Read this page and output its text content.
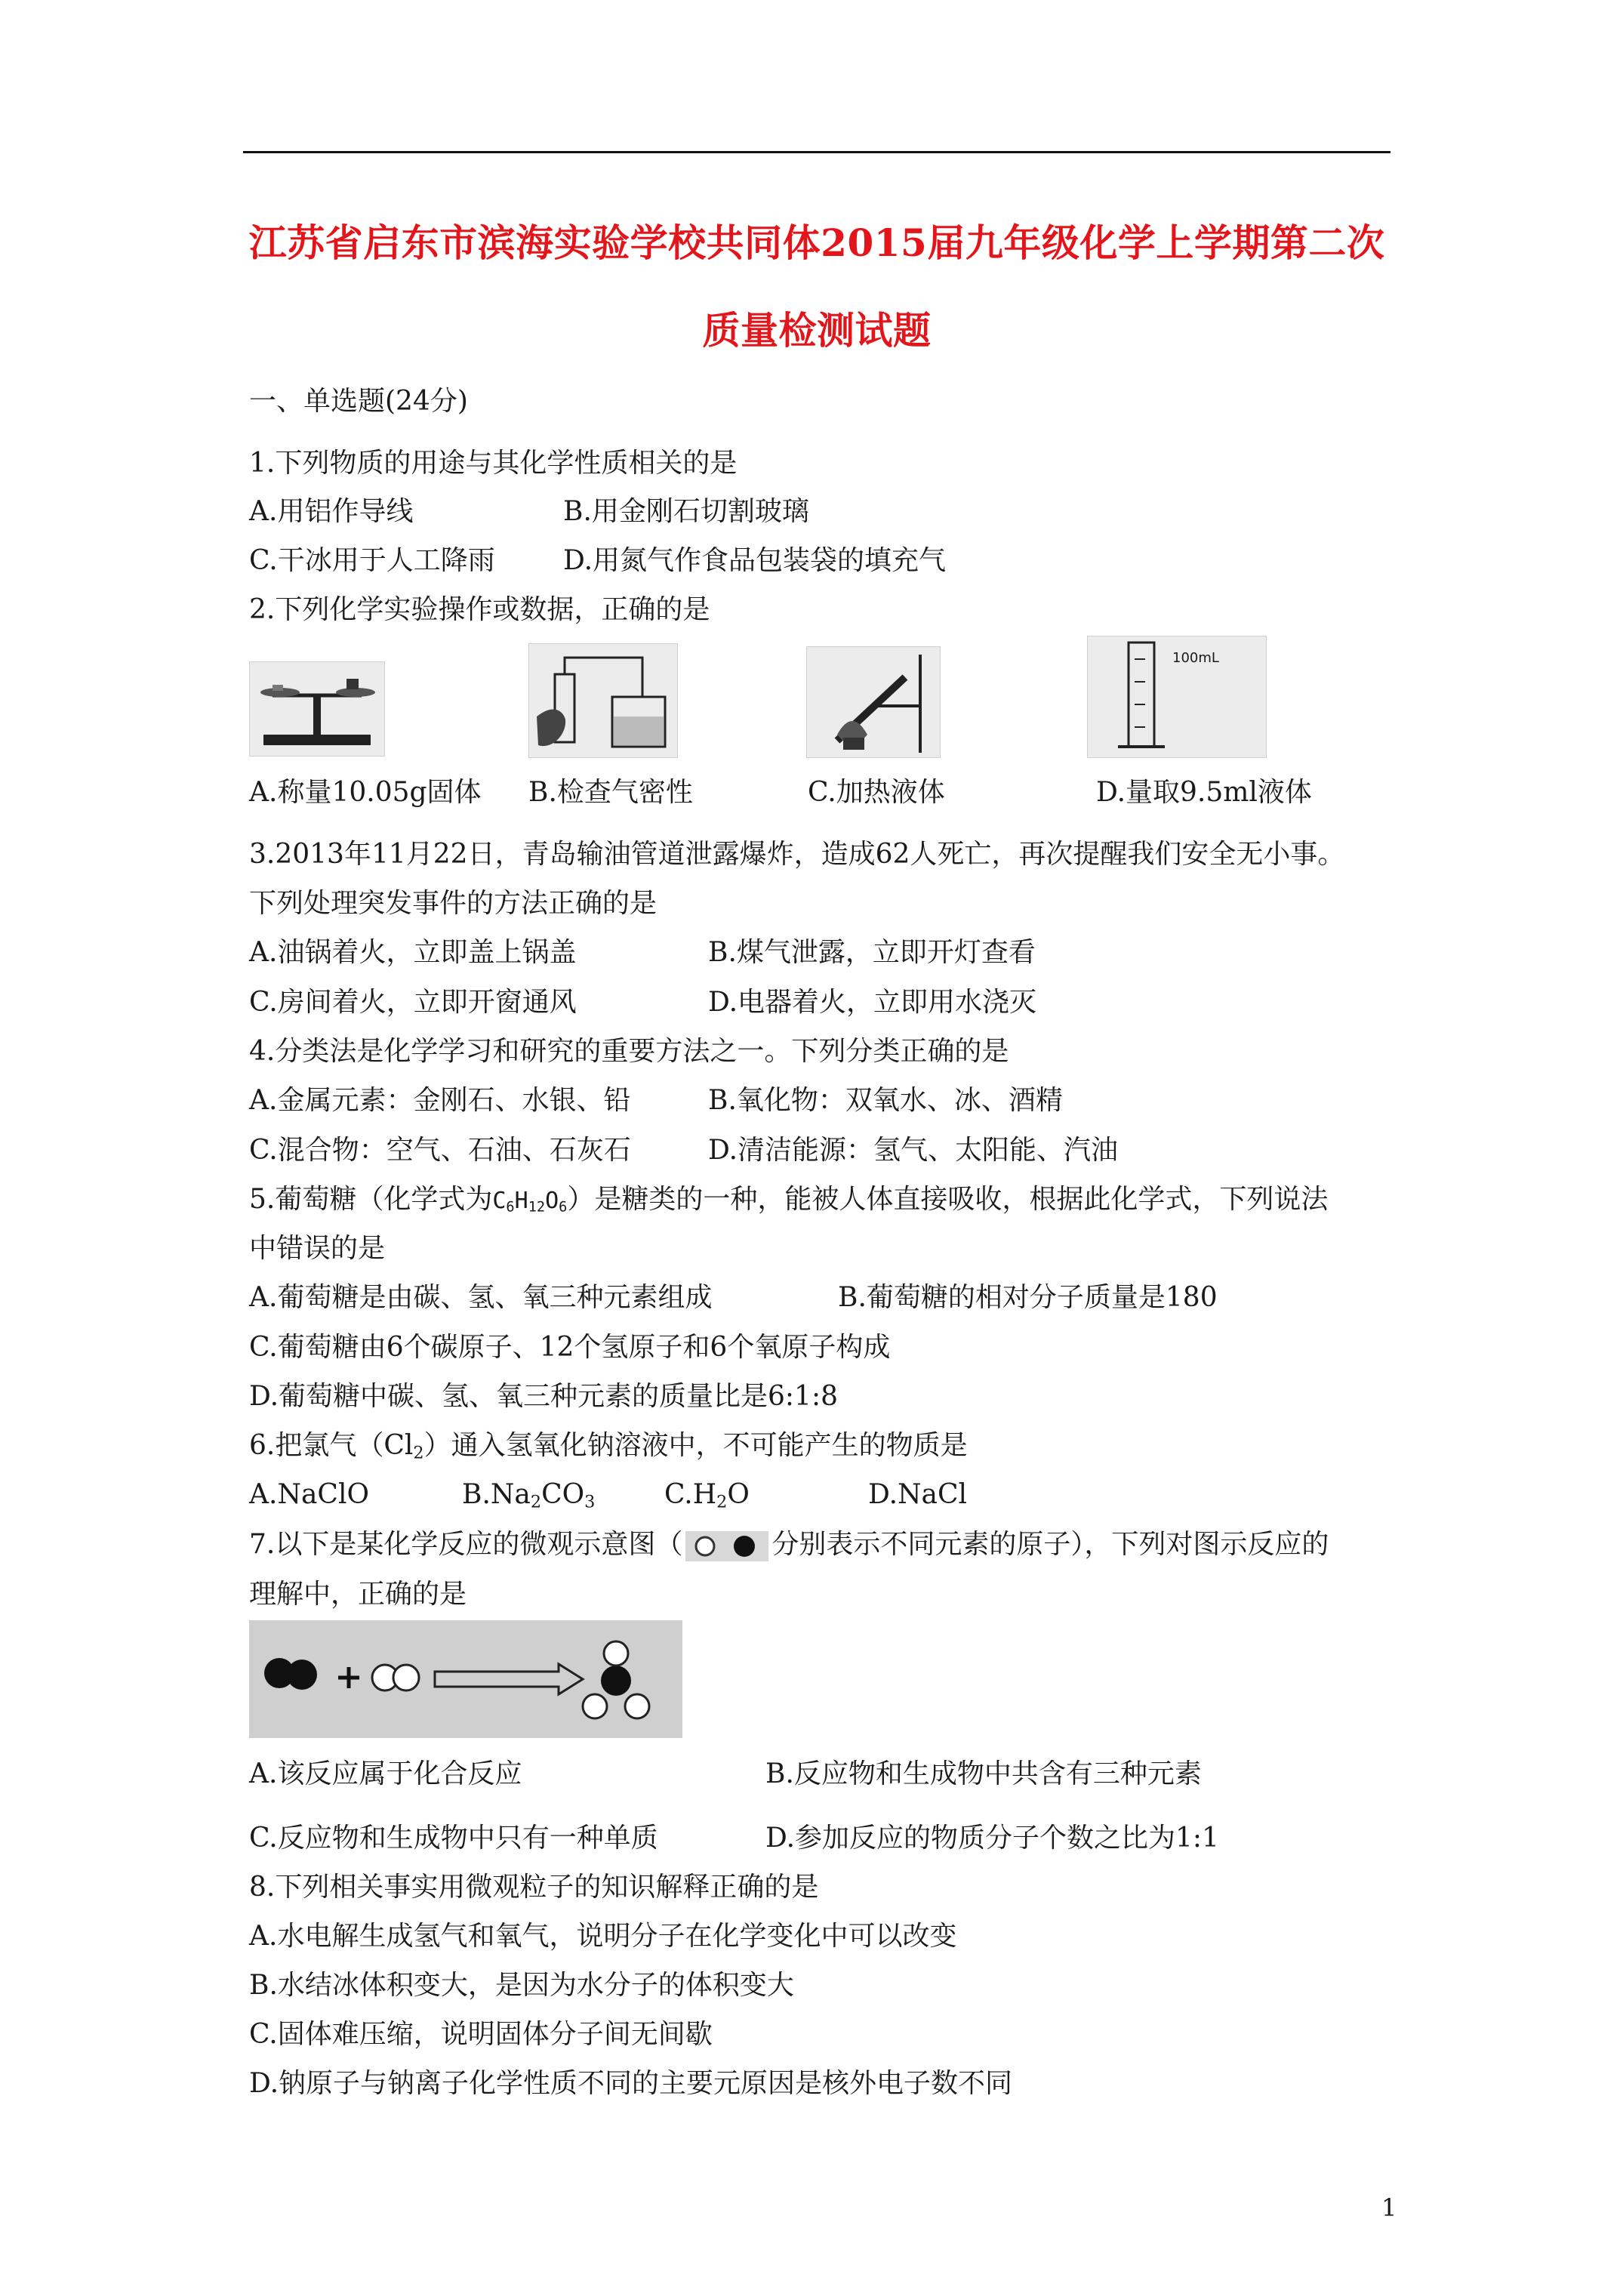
江苏省启东市滨海实验学校共同体2015届九年级化学上学期第二次
质量检测试题
一、单选题(24分)
1.下列物质的用途与其化学性质相关的是
A.用铝作导线	B.用金刚石切割玻璃
C.干冰用于人工降雨	D.用氮气作食品包装袋的填充气
2.下列化学实验操作或数据，正确的是
100mL
A.称量10.05g固体 B.检查气密性	C.加热液体	D.量取9.5ml液体
3.2013年11月22日，青岛输油管道泄露爆炸，造成62人死亡，再次提醒我们安全无小事。
下列处理突发事件的方法正确的是
A.油锅着火，立即盖上锅盖	B.煤气泄露，立即开灯查看
C.房间着火，立即开窗通风	D.电器着火，立即用水浇灭
4.分类法是化学学习和研究的重要方法之一。下列分类正确的是
A.金属元素：金刚石、水银、铅	B.氧化物：双氧水、冰、酒精
C.混合物：空气、石油、石灰石	D.清洁能源：氢气、太阳能、汽油
5.葡萄糖（化学式为$C_6H_{12}O_6$）是糖类的一种，能被人体直接吸收，根据此化学式，下列说法
中错误的是
A.葡萄糖是由碳、氢、氧三种元素组成	B.葡萄糖的相对分子质量是180
C.葡萄糖由6个碳原子、12个氢原子和6个氧原子构成
D.葡萄糖中碳、氢、氧三种元素的质量比是6:1:8
6.把氯气$(Cl_2)$通入氢氧化钠溶液中，不可能产生的物质是
A.NaClO	$B.Na_2CO_3$	$C.H_2O$	D.NaCl
7.以下是某化学反应的微观示意图（	分别表示不同元素的原子），下列对图示反应的
理解中，正确的是
A.该反应属于化合反应	B.反应物和生成物中共含有三种元素
C.反应物和生成物中只有一种单质	D.参加反应的物质分子个数之比为1:1
8.下列相关事实用微观粒子的知识解释正确的是
A.水电解生成氢气和氧气，说明分子在化学变化中可以改变
B.水结冰体积变大，是因为水分子的体积变大
C.固体难压缩，说明固体分子间无间歇
D.钠原子与钠离子化学性质不同的主要元原因是核外电子数不同
1
